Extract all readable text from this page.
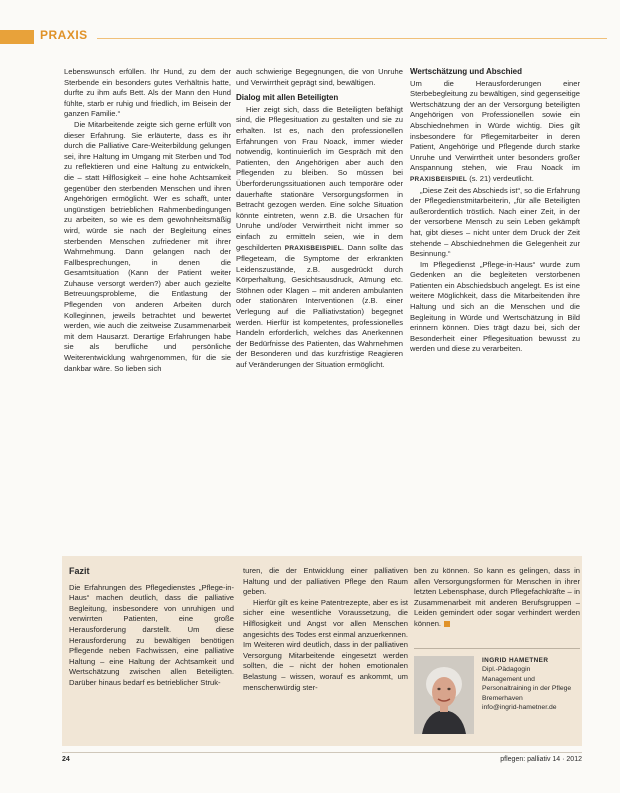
PRAXIS

Lebenswunsch erfüllen. Ihr Hund, zu dem der Sterbende ein besonders gutes Verhältnis hatte, durfte zu ihm aufs Bett. Als der Mann den Hund fühlte, starb er ruhig und friedlich, im Beisein der ganzen Familie.“

Die Mitarbeitende zeigte sich gerne erfüllt von dieser Erfahrung. Sie erläuterte, dass es ihr durch die Palliative Care-Weiterbildung gelungen sei, ihre Haltung im Umgang mit Sterben und Tod zu reflektieren und eine Haltung zu entwickeln, die – statt Hilflosigkeit – eine hohe Achtsamkeit gegenüber den sterbenden Menschen und ihren Angehörigen ermöglicht. Wer es schafft, unter ungünstigen betrieblichen Rahmenbedingungen zu arbeiten, so wie es dem gewohnheitsmäßig wird, würde sie nach der Begleitung eines sterbenden Menschen zufriedener mit ihrer Wahrnehmung. Dann gelangen nach der Fallbesprechungen, in denen die Gesamtsituation (Kann der Patient weiter Zuhause versorgt werden?) aber auch gezielte Betreuungsprobleme, die Entlastung der Pflegenden von anderen Arbeiten durch Kolleginnen, jeweils betrachtet und bewertet werden, wie auch die zeitweise Zusammenarbeit mit dem Hausarzt. Derartige Erfahrungen habe sie als berufliche und persönliche Weiterentwicklung wahrgenommen, für die sie dankbar wäre. So lieben sich

auch schwierige Begegnungen, die von Unruhe und Verwirrtheit geprägt sind, bewältigen.

Dialog mit allen Beteiligten

Hier zeigt sich, dass die Beteiligten befähigt sind, die Pflegesituation zu gestalten und sie zu erhalten. Ist es, nach den professionellen Erfahrungen von Frau Noack, immer wieder notwendig, kontinuierlich im Gespräch mit den Patienten, den Angehörigen aber auch den Pflegenden zu bleiben. So müssen bei Überforderungssituationen auch temporäre oder dauerhafte stationäre Versorgungsformen in Betracht gezogen werden. Eine solche Situation könnte eintreten, wenn z.B. die Ursachen für Unruhe und/oder Verwirrtheit nicht immer so einfach zu ermitteln seien, wie in dem geschilderten PRAXISBEISPIEL. Dann sollte das Pflegeteam, die Symptome der erkrankten Leidenszustände, z.B. ausgedrückt durch Körperhaltung, Gesichtsausdruck, Atmung etc. Stöhnen oder Klagen – mit anderen ambulanten oder stationären Interventionen (z.B. einer Verlegung auf die Palliativstation) begegnet werden. Hierfür ist kompetentes, professionelles Handeln erforderlich, welches das Anerkennen der Bedürfnisse des Patienten, das Wahrnehmen der Besonderen und das kurzfristige Reagieren auf Veränderungen der Situation ermöglicht.

Wertschätzung und Abschied

Um die Herausforderungen einer Sterbebegleitung zu bewältigen, sind gegenseitige Wertschätzung der an der Versorgung beteiligten Angehörigen von Professionellen sowie ein Abschiednehmen in Würde wichtig. Dies gilt insbesondere für Pflegemitarbeiter in deren Patient, Angehörige und Pflegende durch starke Unruhe und Verwirrtheit unter besonders großer Anspannung stehen, wie Frau Noack im PRAXISBEISPIEL (s. 21) verdeutlicht.

„Diese Zeit des Abschieds ist“, so die Erfahrung der Pflegedienstmitarbeiterin, „für alle Beteiligten außerordentlich tröstlich. Nach einer Zeit, in der der versorbene Mensch zu sein Leben gekämpft hat, gibt dieses – nicht unter dem Druck der Zeit stehende – Abschiednehmen die Gelegenheit zur Besinnung.“

Im Pflegedienst „Pflege-in-Haus“ wurde zum Gedenken an die begleiteten verstorbenen Patienten ein Abschiedsbuch angelegt. Es ist eine weitere Möglichkeit, dass die Mitarbeitenden ihre Haltung und sich an die Menschen und die Begleitung in Würde und Wertschätzung in Bild erinnern können. Dies trägt dazu bei, sich der Besonderheit einer Pflegesituation bewusst zu werden und diese zu verarbeiten.

Fazit

Die Erfahrungen des Pflegedienstes „Pflege-in-Haus“ machen deutlich, dass die palliative Begleitung, insbesondere von unruhigen und verwirrten Patienten, eine große Herausforderung darstellt. Um diese Herausforderung zu bewältigen benötigen Pflegende neben Fachwissen, eine palliative Haltung – eine Haltung der Achtsamkeit und Wertschätzung zwischen allen Beteiligten. Darüber hinaus bedarf es betrieblicher Struk-

turen, die der Entwicklung einer palliativen Haltung und der palliativen Pflege den Raum geben.

Hierfür gilt es keine Patentrezepte, aber es ist sicher eine wesentliche Voraussetzung, die Hilflosigkeit und Angst vor allen Menschen angesichts des Todes erst einmal anzuerkennen. Im Weiteren wird deutlich, dass in der palliativen Versorgung Mitarbeitende eingesetzt werden sollten, die – nicht der hohen emotionalen Belastung – wissen, worauf es ankommt, um menschenwürdig ster-

ben zu können. So kann es gelingen, dass in allen Versorgungsformen für Menschen in ihrer letzten Lebensphase, durch Pflegefachkräfte – in Zusammenarbeit mit anderen Berufsgruppen – Leiden gemindert oder sogar verhindert werden können.

INGRID HAMETNER
Dipl.-Pädagogin
Management und Personaltraining in der Pflege
Bremerhaven
info@ingrid-hametner.de
24	pflegen: palliativ 14 · 2012
